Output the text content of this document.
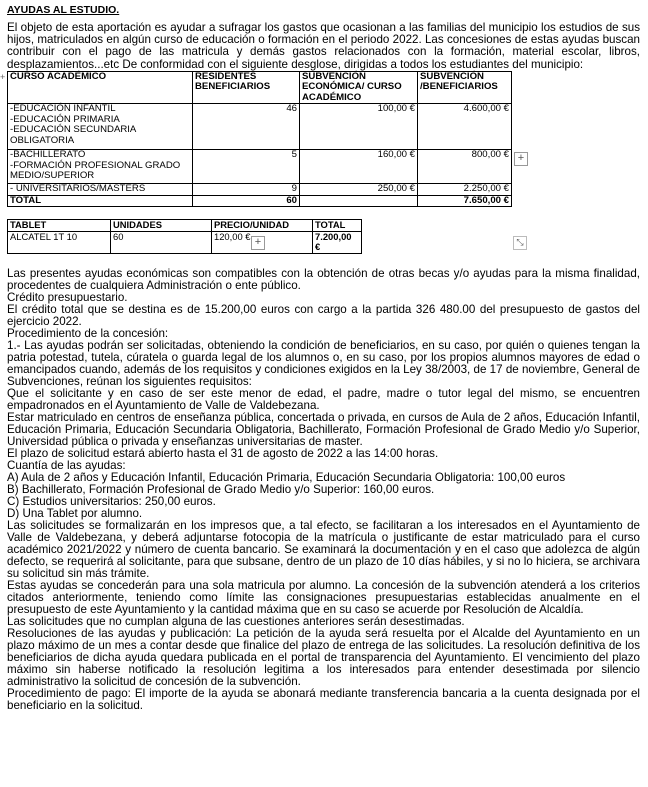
+
AYUDAS AL ESTUDIO.

El objeto de esta aportación es ayudar a sufragar los gastos que ocasionan a las familias del municipio los estudios de sus hijos, matriculados en algún curso de educación o formación en el periodo 2022. Las concesiones de estas ayudas buscan contribuir con el pago de las matricula y demás gastos relacionados con la formación, material escolar, libros, desplazamientos...etc De conformidad con el siguiente desglose, dirigidas a todos los estudiantes del municipio:

CURSO ACADÉMICO	RESIDENTES BENEFICIARIOS	SUBVENCIÓN ECONÓMICA/ CURSO ACADÉMICO	SUBVENCIÓN /BENEFICIARIOS
-EDUCACIÓN INFANTIL
-EDUCACIÓN PRIMARIA
-EDUCACIÓN SECUNDARIA OBLIGATORIA	46	100,00 €	4.600,00 €
-BACHILLERATO
-FORMACIÓN PROFESIONAL GRADO MEDIO/SUPERIOR	5	160,00 €	800,00 €
- UNIVERSITARIOS/MASTERS	9	250,00 €	2.250,00 €
TOTAL	60		7.650,00 €
TABLET	UNIDADES	PRECIO/UNIDAD	TOTAL
ALCATEL 1T 10	60	120,00 €	7.200,00 €

Las presentes ayudas económicas son compatibles con la obtención de otras becas y/o ayudas para la misma finalidad, procedentes de cualquiera Administración o ente público.

Crédito presupuestario.

El crédito total que se destina es de 15.200,00 euros con cargo a la partida 326 480.00 del presupuesto de gastos del ejercicio 2022.

Procedimiento de la concesión:

1.- Las ayudas podrán ser solicitadas, obteniendo la condición de beneficiarios, en su caso, por quién o quienes tengan la patria potestad, tutela, cúratela o guarda legal de los alumnos o, en su caso, por los propios alumnos mayores de edad o emancipados cuando, además de los requisitos y condiciones exigidos en la Ley 38/2003, de 17 de noviembre, General de Subvenciones, reúnan los siguientes requisitos:

Que el solicitante y en caso de ser este menor de edad, el padre, madre o tutor legal del mismo, se encuentren empadronados en el Ayuntamiento de Valle de Valdebezana.

Estar matriculado en centros de enseñanza pública, concertada o privada, en cursos de Aula de 2 años, Educación Infantil, Educación Primaria, Educación Secundaria Obligatoria, Bachillerato, Formación Profesional de Grado Medio y/o Superior, Universidad pública o privada y enseñanzas universitarias de master.

El plazo de solicitud estará abierto hasta el 31 de agosto de 2022 a las 14:00 horas.

Cuantía de las ayudas:

A) Aula de 2 años y Educación Infantil, Educación Primaria, Educación Secundaria Obligatoria: 100,00 euros

B) Bachillerato, Formación Profesional de Grado Medio y/o Superior: 160,00 euros.

C) Estudios universitarios: 250,00 euros.

D) Una Tablet por alumno.

Las solicitudes se formalizarán en los impresos que, a tal efecto, se facilitaran a los interesados en el Ayuntamiento de Valle de Valdebezana, y deberá adjuntarse fotocopia de la matrícula o justificante de estar matriculado para el curso académico 2021/2022 y número de cuenta bancario. Se examinará la documentación y en el caso que adolezca de algún defecto, se requerirá al solicitante, para que subsane, dentro de un plazo de 10 días hábiles, y si no lo hiciera, se archivara su solicitud sin más trámite.

Estas ayudas se concederán para una sola matricula por alumno. La concesión de la subvención atenderá a los criterios citados anteriormente, teniendo como límite las consignaciones presupuestarias establecidas anualmente en el presupuesto de este Ayuntamiento y la cantidad máxima que en su caso se acuerde por Resolución de Alcaldía.

Las solicitudes que no cumplan alguna de las cuestiones anteriores serán desestimadas.

Resoluciones de las ayudas y publicación: La petición de la ayuda será resuelta por el Alcalde del Ayuntamiento en un plazo máximo de un mes a contar desde que finalice del plazo de entrega de las solicitudes. La resolución definitiva de los beneficiarios de dicha ayuda quedara publicada en el portal de transparencia del Ayuntamiento. El vencimiento del plazo máximo sin haberse notificado la resolución legitima a los interesados para entender desestimada por silencio administrativo la solicitud de concesión de la subvención.

Procedimiento de pago: El importe de la ayuda se abonará mediante transferencia bancaria a la cuenta designada por el beneficiario en la solicitud.

+
+	⤡
